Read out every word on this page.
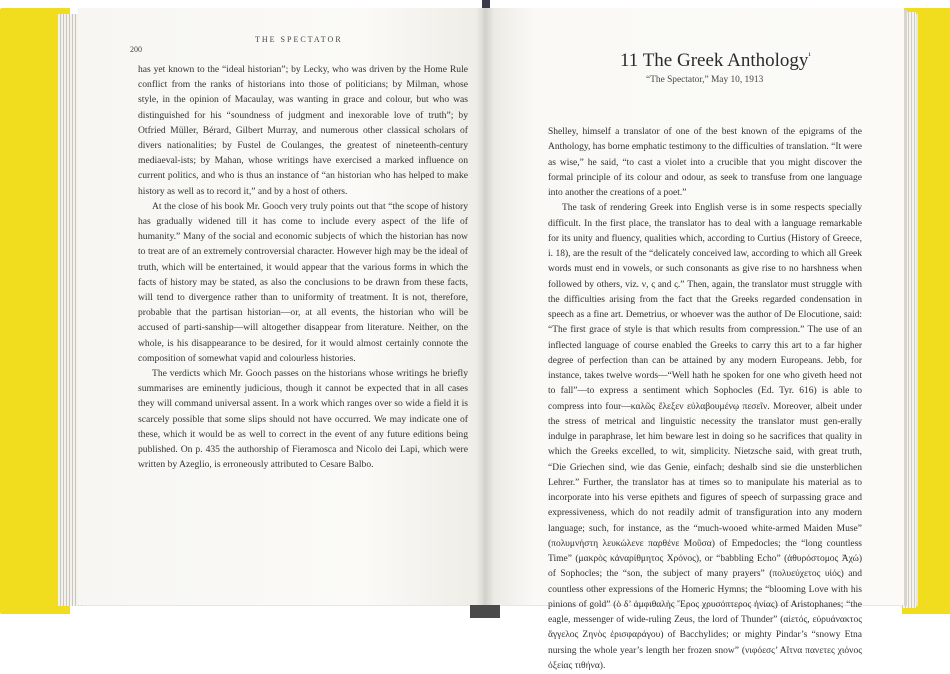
THE SPECTATOR
200

has yet known to the “ideal historian”; by Lecky, who was driven by the Home Rule conflict from the ranks of historians into those of politicians; by Milman, whose style, in the opinion of Macaulay, was wanting in grace and colour, but who was distinguished for his “soundness of judgment and inexorable love of truth”; by Otfried Müller, Bérard, Gilbert Murray, and numerous other classical scholars of divers nationalities; by Fustel de Coulanges, the greatest of nineteenth-century mediaeval-ists; by Mahan, whose writings have exercised a marked influence on current politics, and who is thus an instance of “an historian who has helped to make history as well as to record it,” and by a host of others.

At the close of his book Mr. Gooch very truly points out that “the scope of history has gradually widened till it has come to include every aspect of the life of humanity.” Many of the social and economic subjects of which the historian has now to treat are of an extremely controversial character. However high may be the ideal of truth, which will be entertained, it would appear that the various forms in which the facts of history may be stated, as also the conclusions to be drawn from these facts, will tend to divergence rather than to uniformity of treatment. It is not, therefore, probable that the partisan historian—or, at all events, the historian who will be accused of parti-sanship—will altogether disappear from literature. Neither, on the whole, is his disappearance to be desired, for it would almost certainly connote the composition of somewhat vapid and colourless histories.

The verdicts which Mr. Gooch passes on the historians whose writings he briefly summarises are eminently judicious, though it cannot be expected that in all cases they will command universal assent. In a work which ranges over so wide a field it is scarcely possible that some slips should not have occurred. We may indicate one of these, which it would be as well to correct in the event of any future editions being published. On p. 435 the authorship of Fieramosca and Nicolo dei Lapi, which were written by Azeglio, is erroneously attributed to Cesare Balbo.

11 The Greek Anthology$^{^1}$
“The Spectator,” May 10, 1913

Shelley, himself a translator of one of the best known of the epigrams of the Anthology, has borne emphatic testimony to the difficulties of translation. “It were as wise,” he said, “to cast a violet into a crucible that you might discover the formal principle of its colour and odour, as seek to transfuse from one language into another the creations of a poet.”

The task of rendering Greek into English verse is in some respects specially difficult. In the first place, the translator has to deal with a language remarkable for its unity and fluency, qualities which, according to Curtius (History of Greece, i. 18), are the result of the “delicately conceived law, according to which all Greek words must end in vowels, or such consonants as give rise to no harshness when followed by others, viz. ν, ς and ς.” Then, again, the translator must struggle with the difficulties arising from the fact that the Greeks regarded condensation in speech as a fine art. Demetrius, or whoever was the author of De Elocutione, said: “The first grace of style is that which results from compression.” The use of an inflected language of course enabled the Greeks to carry this art to a far higher degree of perfection than can be attained by any modern Europeans. Jebb, for instance, takes twelve words—“Well hath he spoken for one who giveth heed not to fall”—to express a sentiment which Sophocles (Ed. Tyr. 616) is able to compress into four—καλῶς ἔλεξεν εὐλαβουμένῳ πεσεῖν. Moreover, albeit under the stress of metrical and linguistic necessity the translator must gen-erally indulge in paraphrase, let him beware lest in doing so he sacrifices that quality in which the Greeks excelled, to wit, simplicity. Nietzsche said, with great truth, “Die Griechen sind, wie das Genie, einfach; deshalb sind sie die unsterblichen Lehrer.” Further, the translator has at times so to manipulate his material as to incorporate into his verse epithets and figures of speech of surpassing grace and expressiveness, which do not readily admit of transfiguration into any modern language; such, for instance, as the “much-wooed white-armed Maiden Muse” (πολυμνήστη λευκώλενε παρθένε Μοῦσα) of Empedocles; the “long countless Time” (μακρὸς κἀναρίθμητος Χρόνος), or “babbling Echo” (ἀθυρόστομος Ἀχώ) of Sophocles; the “son, the subject of many prayers” (πολυεύχετος υἱός) and countless other expressions of the Homeric Hymns; the “blooming Love with his pinions of gold” (ὁ δ’ ἀμφιθαλὴς Ἔρος χρυσόπτερος ἠνίας) of Aristophanes; “the eagle, messenger of wide-ruling Zeus, the lord of Thunder” (αἰετός, εὐρυάνακτος ἄγγελος Ζηνὸς ἐρισφαράγου) of Bacchylides; or mighty Pindar’s “snowy Etna nursing the whole year’s length her frozen snow” (νιφόεσς’ Αἴτνα πανετες χιόνος ὀξείας τιθήνα).
